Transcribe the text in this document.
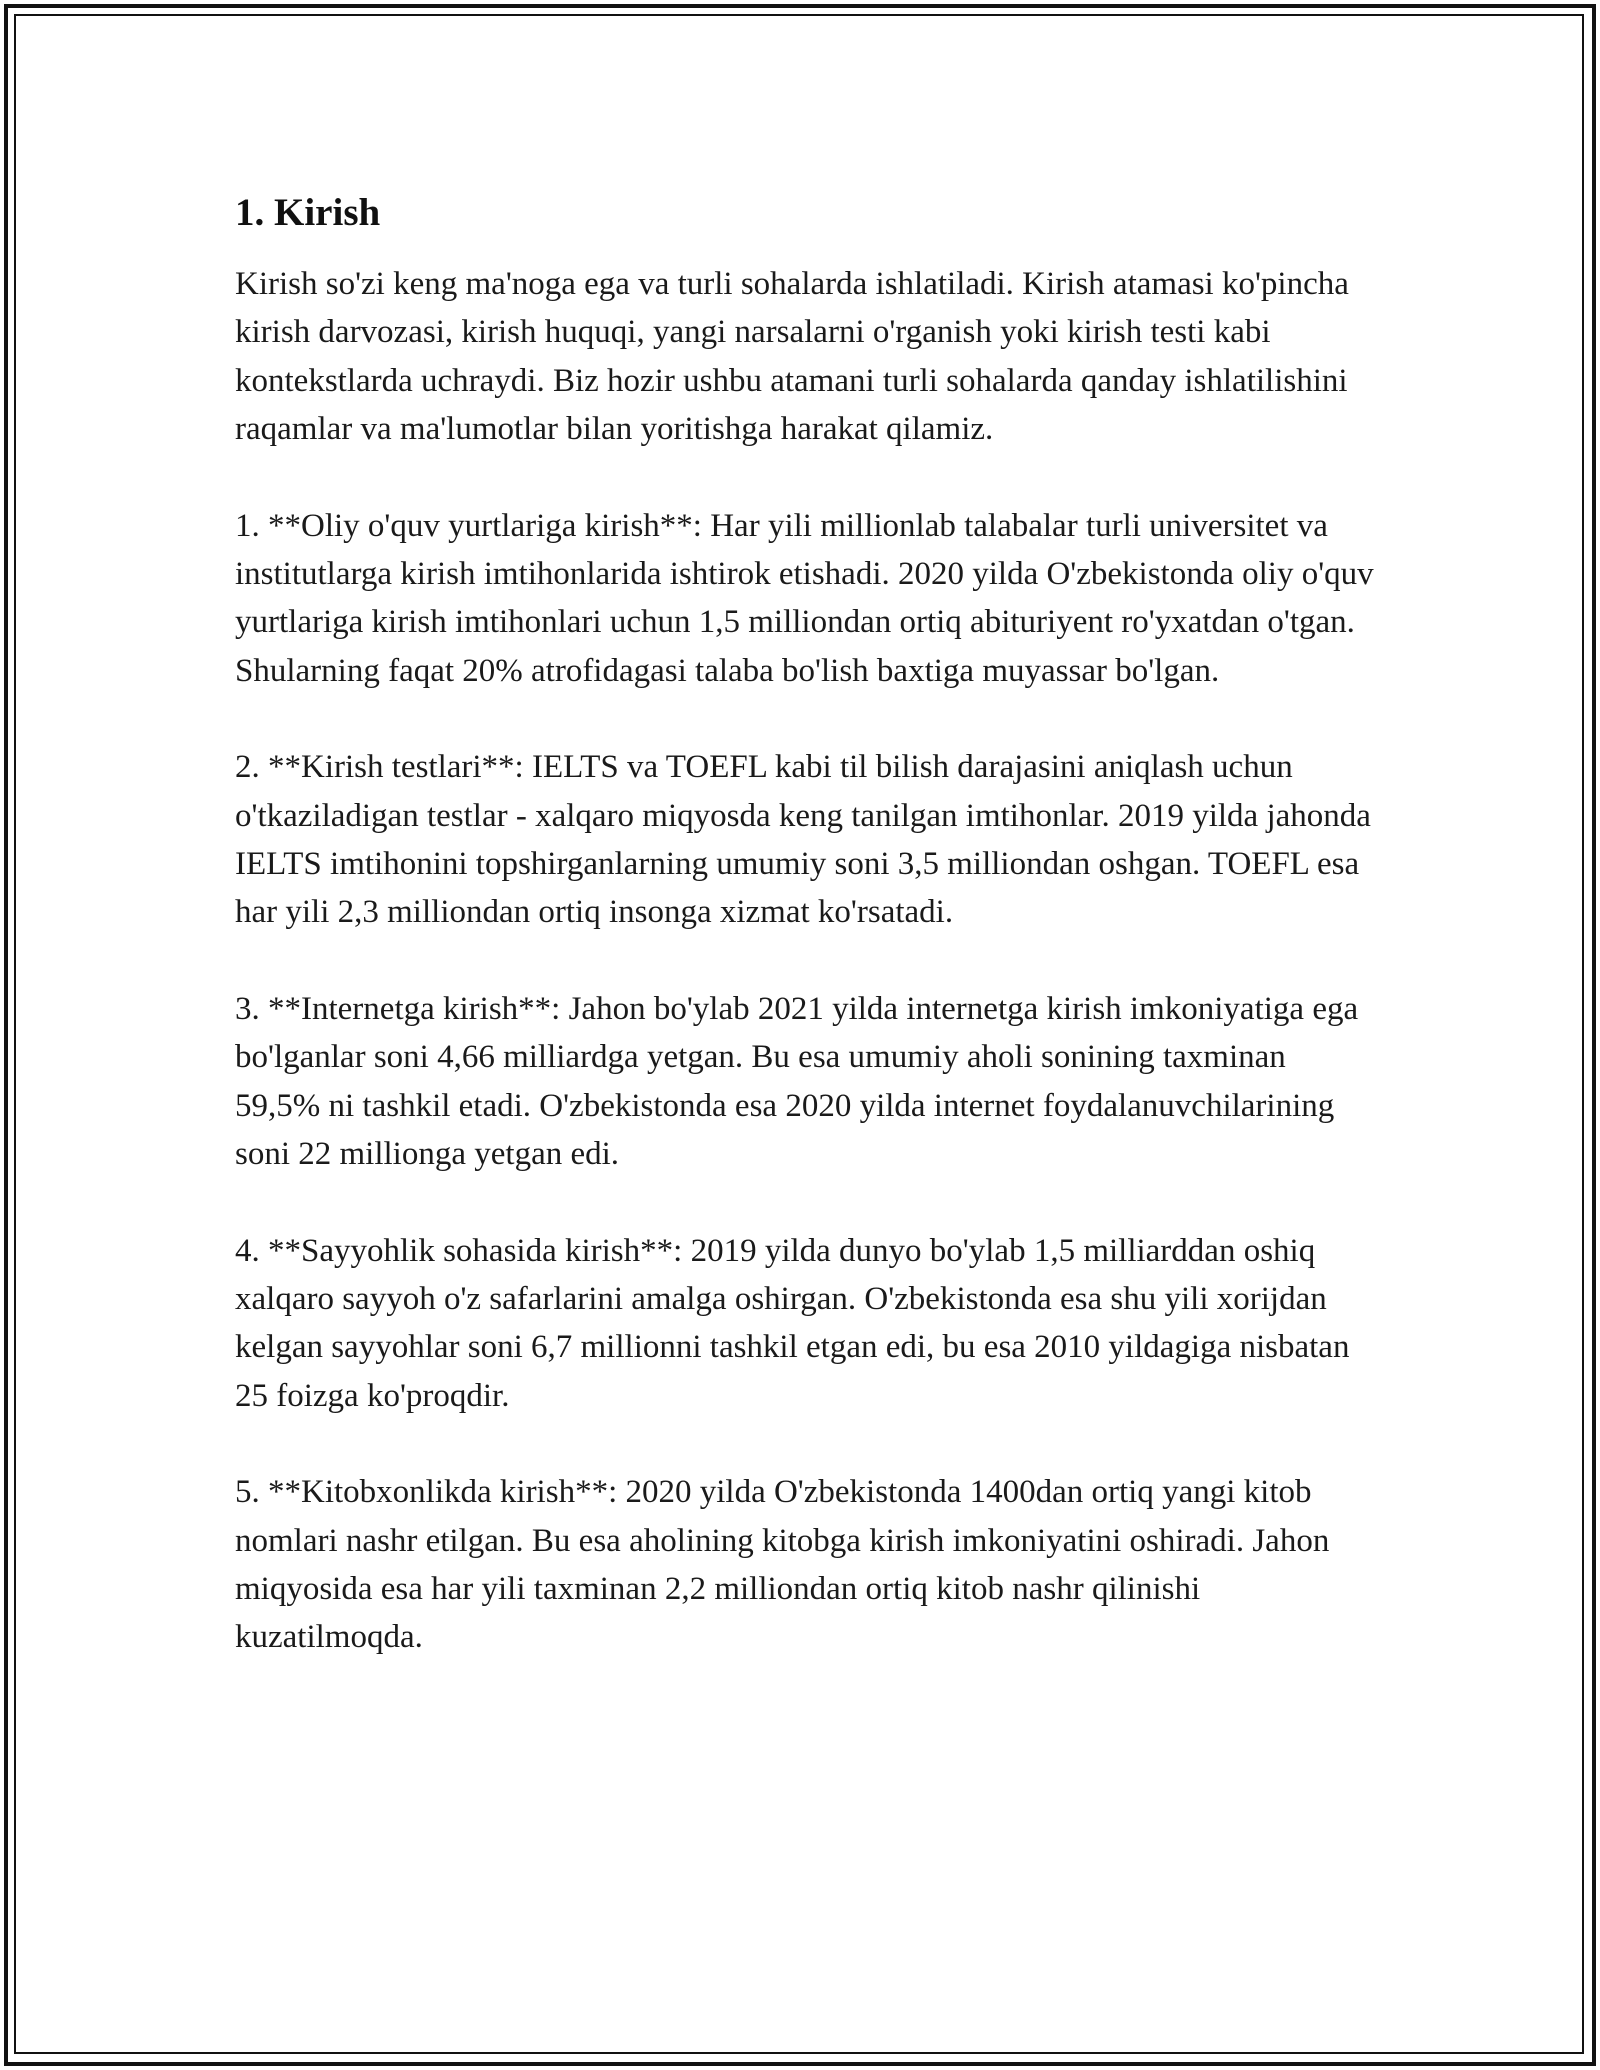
1. Kirish

Kirish so'zi keng ma'noga ega va turli sohalarda ishlatiladi. Kirish atamasi ko'pincha kirish darvozasi, kirish huquqi, yangi narsalarni o'rganish yoki kirish testi kabi kontekstlarda uchraydi. Biz hozir ushbu atamani turli sohalarda qanday ishlatilishini raqamlar va ma'lumotlar bilan yoritishga harakat qilamiz.

1. **Oliy o'quv yurtlariga kirish**: Har yili millionlab talabalar turli universitet va institutlarga kirish imtihonlarida ishtirok etishadi. 2020 yilda O'zbekistonda oliy o'quv yurtlariga kirish imtihonlari uchun 1,5 milliondan ortiq abituriyent ro'yxatdan o'tgan. Shularning faqat 20% atrofidagasi talaba bo'lish baxtiga muyassar bo'lgan.

2. **Kirish testlari**: IELTS va TOEFL kabi til bilish darajasini aniqlash uchun o'tkaziladigan testlar - xalqaro miqyosda keng tanilgan imtihonlar. 2019 yilda jahonda IELTS imtihonini topshirganlarning umumiy soni 3,5 milliondan oshgan. TOEFL esa har yili 2,3 milliondan ortiq insonga xizmat ko'rsatadi.

3. **Internetga kirish**: Jahon bo'ylab 2021 yilda internetga kirish imkoniyatiga ega bo'lganlar soni 4,66 milliardga yetgan. Bu esa umumiy aholi sonining taxminan 59,5% ni tashkil etadi. O'zbekistonda esa 2020 yilda internet foydalanuvchilarining soni 22 millionga yetgan edi.

4. **Sayyohlik sohasida kirish**: 2019 yilda dunyo bo'ylab 1,5 milliarddan oshiq xalqaro sayyoh o'z safarlarini amalga oshirgan. O'zbekistonda esa shu yili xorijdan kelgan sayyohlar soni 6,7 millionni tashkil etgan edi, bu esa 2010 yildagiga nisbatan 25 foizga ko'proqdir.

5. **Kitobxonlikda kirish**: 2020 yilda O'zbekistonda 1400dan ortiq yangi kitob nomlari nashr etilgan. Bu esa aholining kitobga kirish imkoniyatini oshiradi. Jahon miqyosida esa har yili taxminan 2,2 milliondan ortiq kitob nashr qilinishi kuzatilmoqda.
